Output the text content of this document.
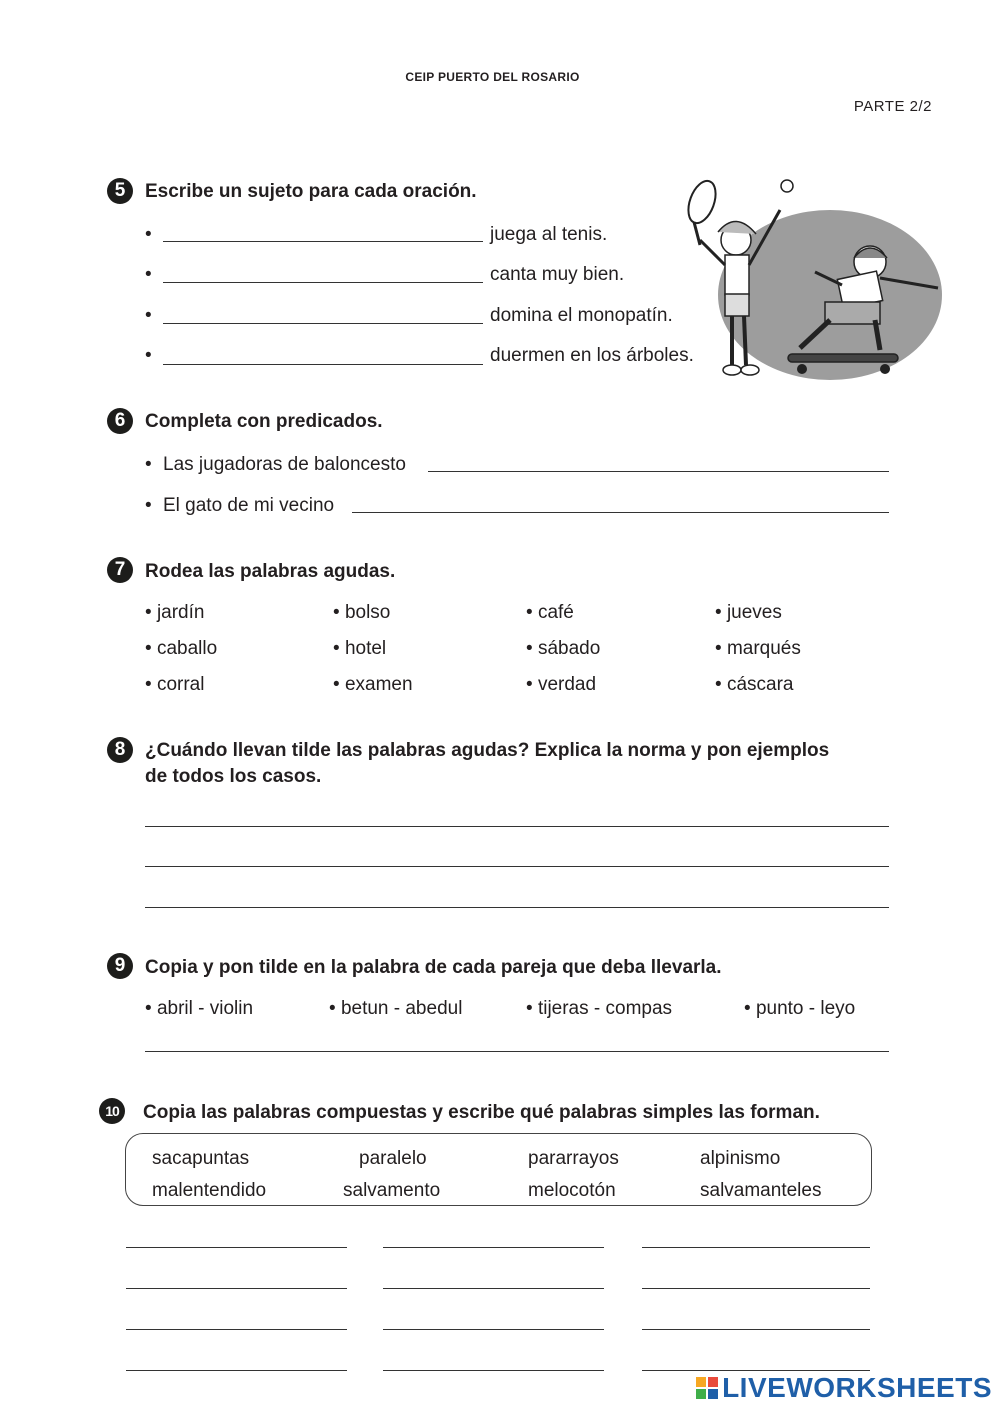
CEIP PUERTO DEL ROSARIO
PARTE 2/2
5	Escribe un sujeto para cada oración.
•	juega al tenis.
•	canta muy bien.
•	domina el monopatín.
•	duermen en los árboles.
6	Completa con predicados.
• Las jugadoras de baloncesto
• El gato de mi vecino
7	Rodea las palabras agudas.
• jardín	• bolso	• café	• jueves
• caballo	• hotel	• sábado	• marqués
• corral	• examen	• verdad	• cáscara
8	¿Cuándo llevan tilde las palabras agudas? Explica la norma y pon ejemplos
de todos los casos.
9	Copia y pon tilde en la palabra de cada pareja que deba llevarla.
• abril - violin	• betun - abedul	• tijeras - compas	• punto - leyo
10	Copia las palabras compuestas y escribe qué palabras simples las forman.
sacapuntas	paralelo	pararrayos	alpinismo
malentendido	salvamento	melocotón	salvamanteles
LIVEWORKSHEETS
